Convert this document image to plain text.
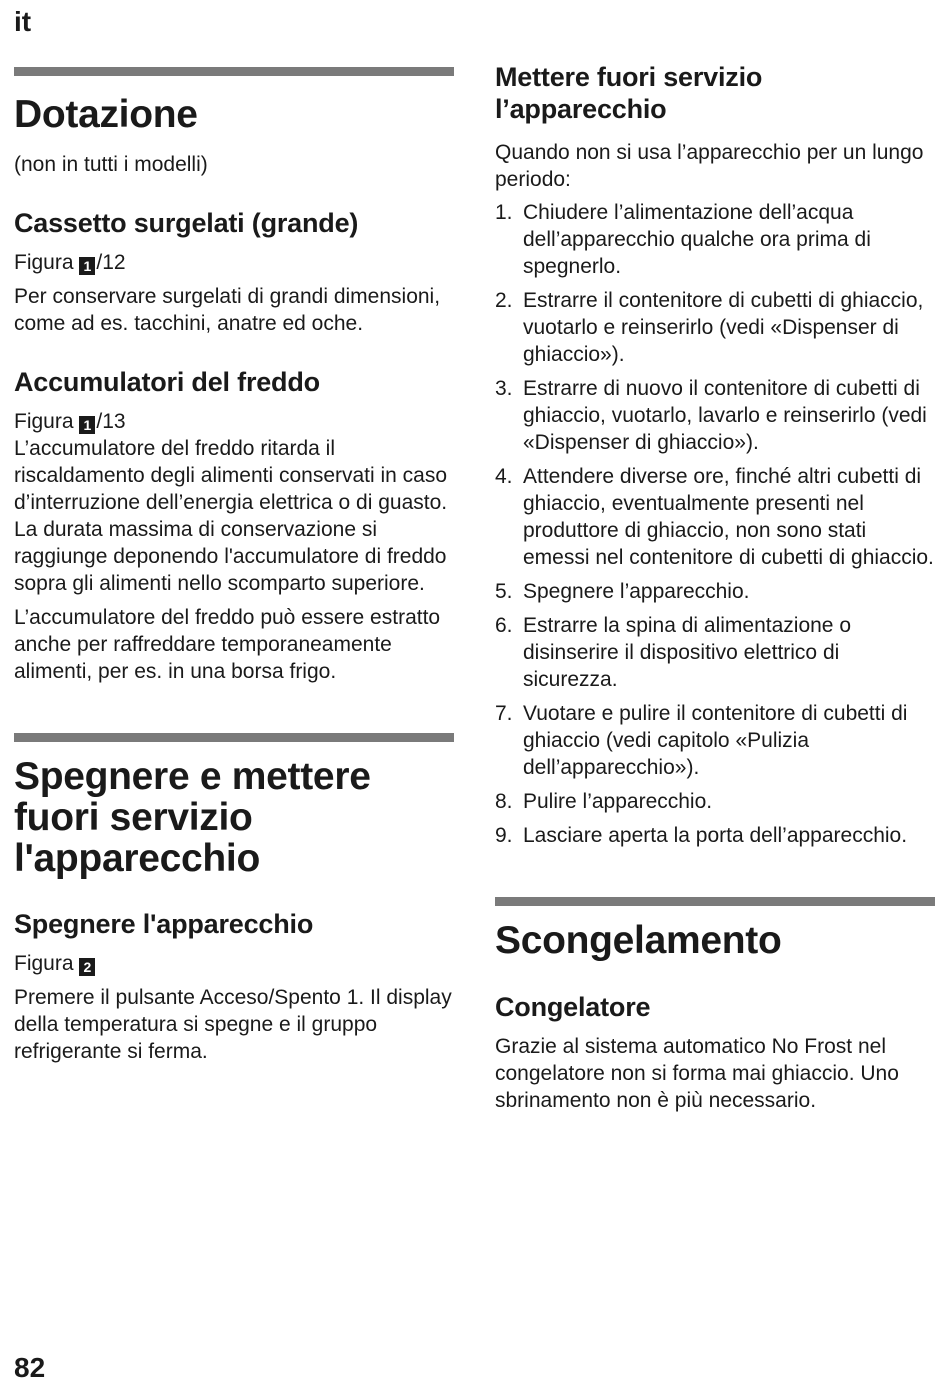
it
Dotazione

(non in tutti i modelli)

Cassetto surgelati (grande)

Figura 1 /12

Per conservare surgelati di grandi dimensioni, come ad es. tacchini, anatre ed oche.

Accumulatori del freddo

Figura 1 /13

L’accumulatore del freddo ritarda il riscaldamento degli alimenti conservati in caso d’interruzione dell’energia elettrica o di guasto. La durata massima di conservazione si raggiunge deponendo l'accumulatore di freddo sopra gli alimenti nello scomparto superiore.

L’accumulatore del freddo può essere estratto anche per raffreddare temporaneamente alimenti, per es. in una borsa frigo.

Spegnere e mettere fuori servizio l'apparecchio
Spegnere l'apparecchio

Figura 2

Premere il pulsante Acceso/Spento 1. Il display della temperatura si spegne e il gruppo refrigerante si ferma.

Mettere fuori servizio l’apparecchio

Quando non si usa l’apparecchio per un lungo periodo:

1. Chiudere l’alimentazione dell’acqua dell’apparecchio qualche ora prima di spegnerlo.
2. Estrarre il contenitore di cubetti di ghiaccio, vuotarlo e reinserirlo (vedi «Dispenser di ghiaccio»).
3. Estrarre di nuovo il contenitore di cubetti di ghiaccio, vuotarlo, lavarlo e reinserirlo (vedi «Dispenser di ghiaccio»).
4. Attendere diverse ore, finché altri cubetti di ghiaccio, eventualmente presenti nel produttore di ghiaccio, non sono stati emessi nel contenitore di cubetti di ghiaccio.
5. Spegnere l’apparecchio.
6. Estrarre la spina di alimentazione o disinserire il dispositivo elettrico di sicurezza.
7. Vuotare e pulire il contenitore di cubetti di ghiaccio (vedi capitolo «Pulizia dell’apparecchio»).
8. Pulire l’apparecchio.
9. Lasciare aperta la porta dell’apparecchio.
Scongelamento
Congelatore

Grazie al sistema automatico No Frost nel congelatore non si forma mai ghiaccio. Uno sbrinamento non è più necessario.

82
